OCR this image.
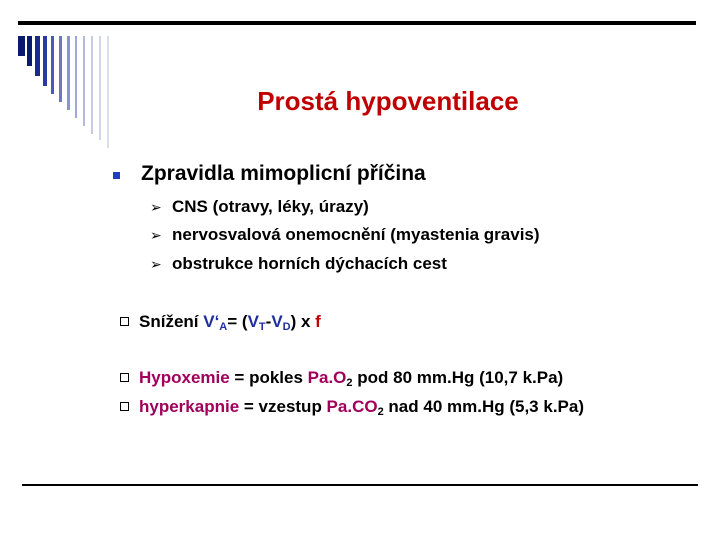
Prostá hypoventilace
Zpravidla mimoplicní příčina
➢ CNS (otravy, léky, úrazy)
➢ nervosvalová onemocnění (myastenia gravis)
➢ obstrukce horních dýchacích cest
Snížení $V‘_A= (V_T-V_D)$ x f
Hypoxemie = pokles $Pa.O_2$ pod 80 mm.Hg (10,7 k.Pa)
hyperkapnie = vzestup $Pa.CO_2$ nad 40 mm.Hg (5,3 k.Pa)
